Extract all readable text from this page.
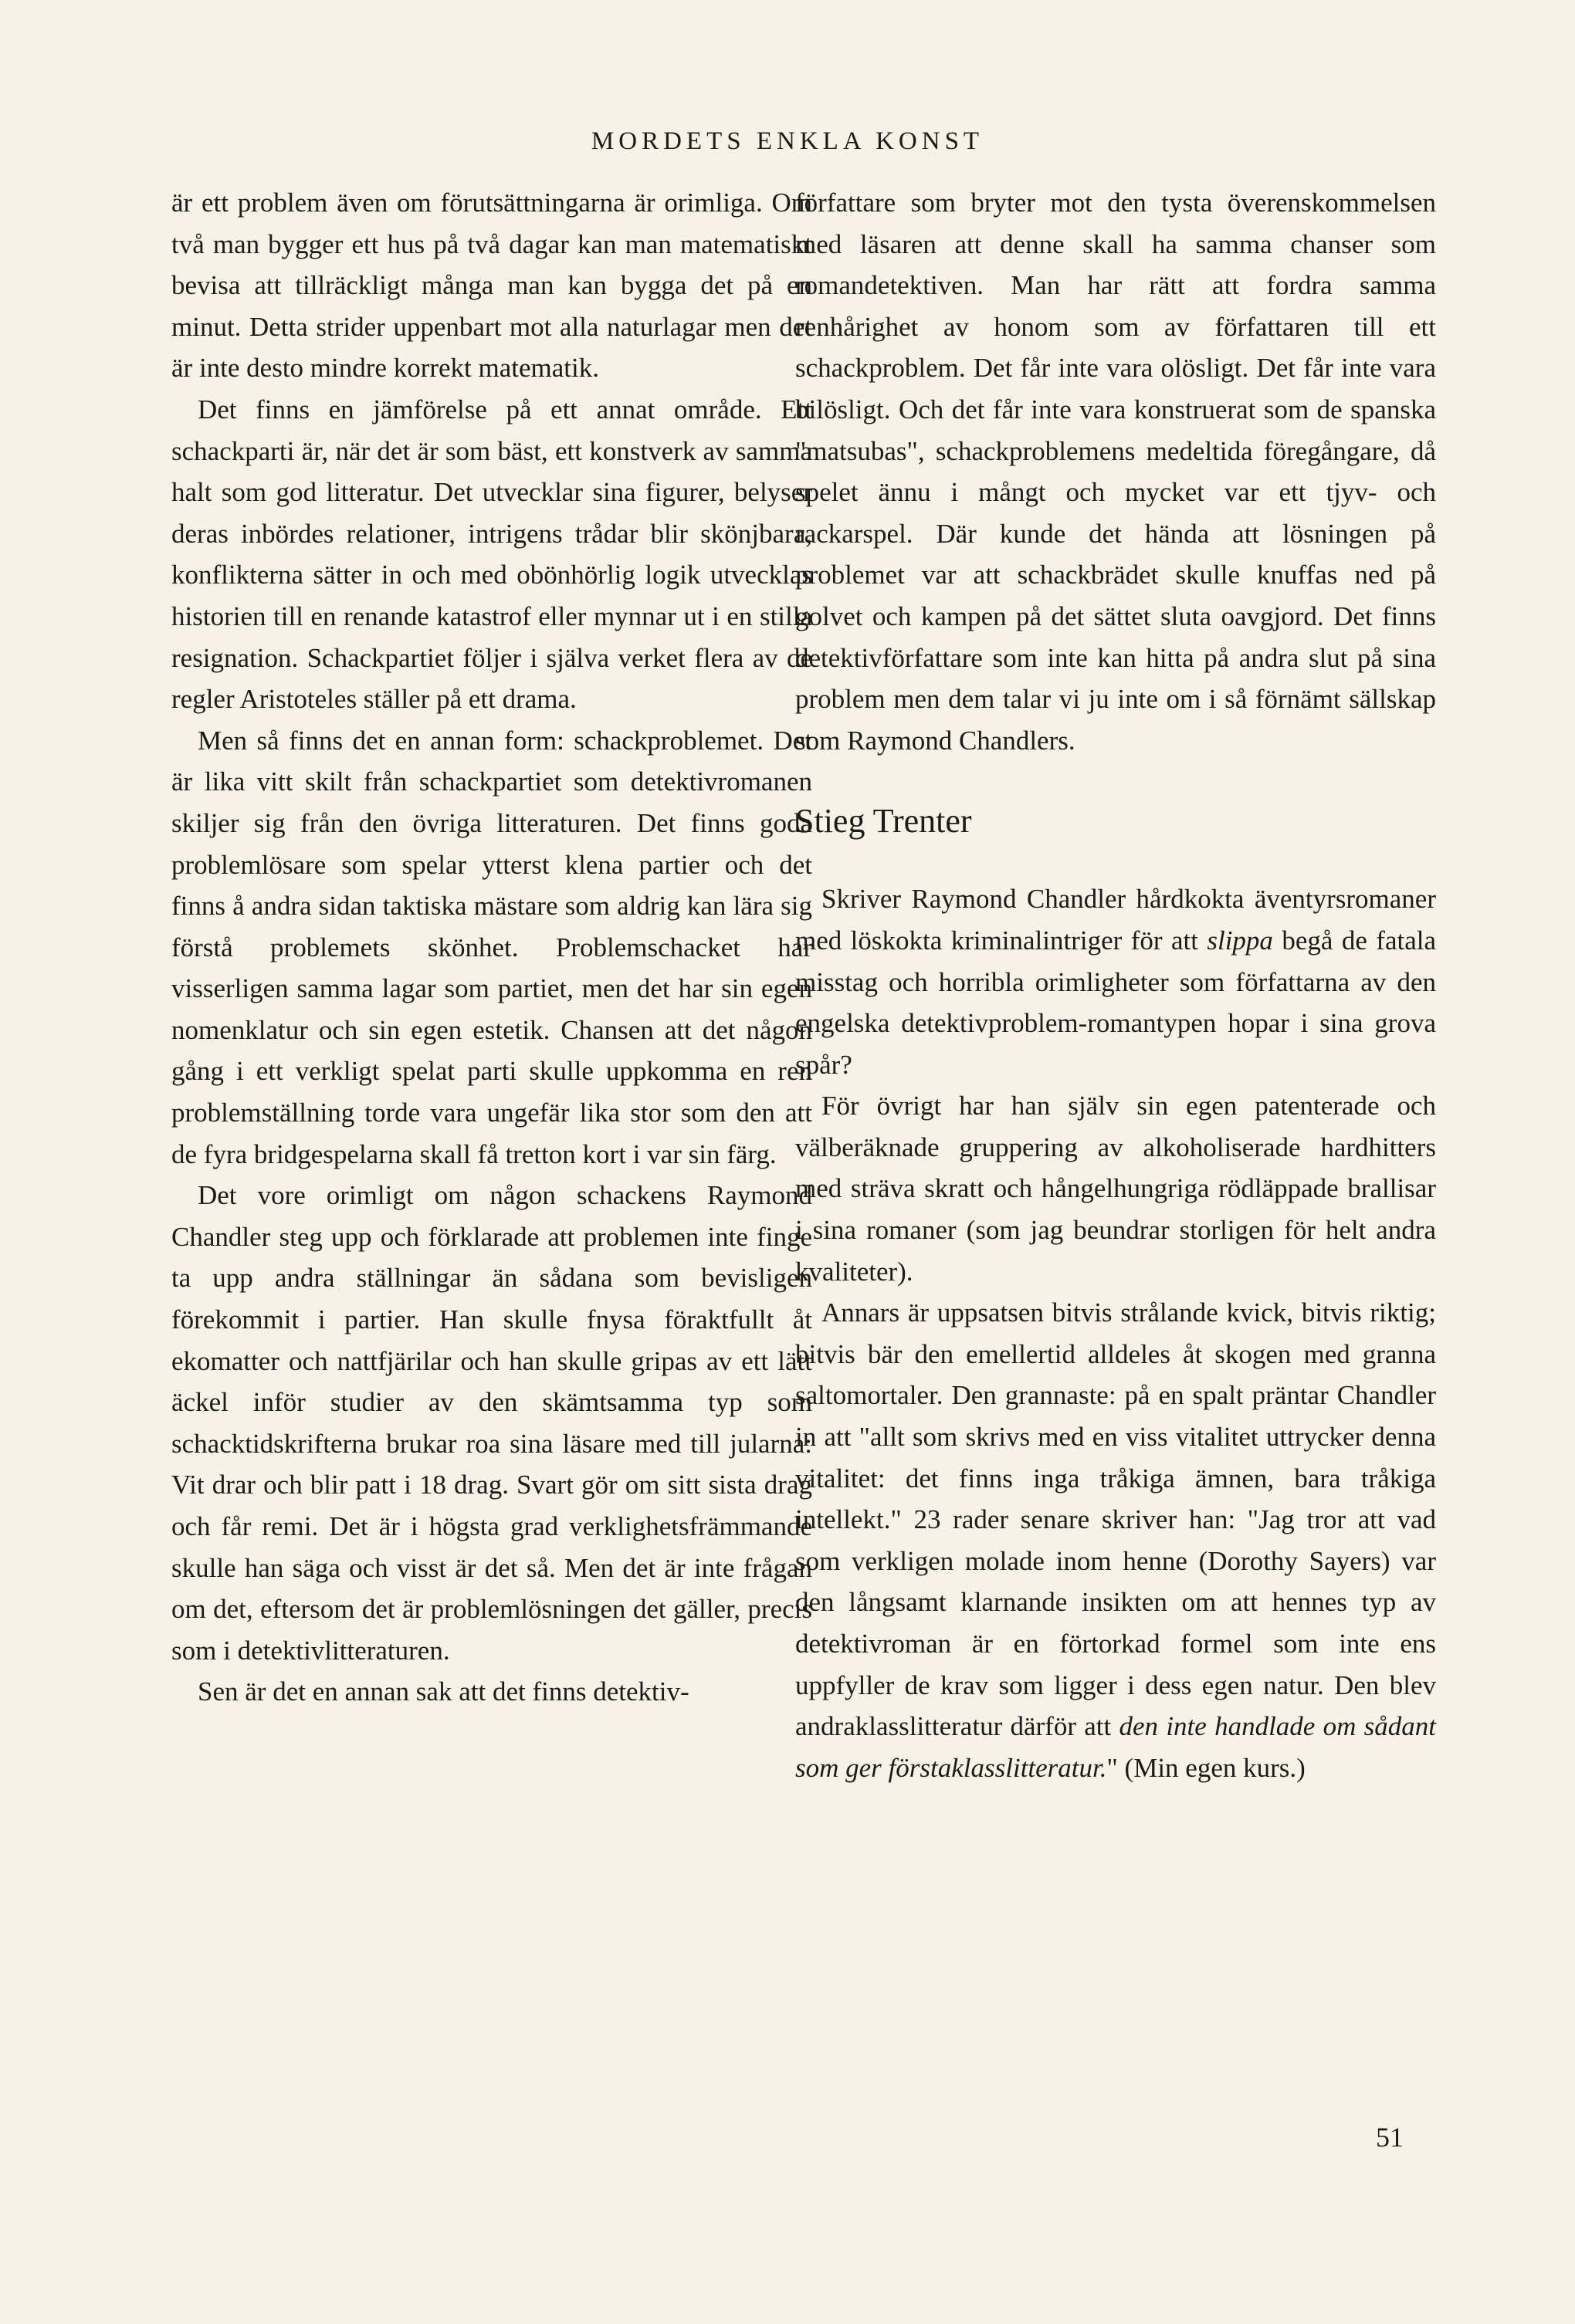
MORDETS ENKLA KONST

är ett problem även om förutsättningarna är orimliga. Om två man bygger ett hus på två dagar kan man matematiskt bevisa att tillräckligt många man kan bygga det på en minut. Detta strider uppenbart mot alla naturlagar men det är inte desto mindre korrekt matematik.

Det finns en jämförelse på ett annat område. Ett schackparti är, när det är som bäst, ett konstverk av samma halt som god litteratur. Det utvecklar sina figurer, belyser deras inbördes relationer, intrigens trådar blir skönjbara, konflikterna sätter in och med obönhörlig logik utvecklas historien till en renande katastrof eller mynnar ut i en stilla resignation. Schackpartiet följer i själva verket flera av de regler Aristoteles ställer på ett drama.

Men så finns det en annan form: schackproblemet. Det är lika vitt skilt från schackpartiet som detektivromanen skiljer sig från den övriga litteraturen. Det finns goda problemlösare som spelar ytterst klena partier och det finns å andra sidan taktiska mästare som aldrig kan lära sig förstå problemets skönhet. Problemschacket har visserligen samma lagar som partiet, men det har sin egen nomenklatur och sin egen estetik. Chansen att det någon gång i ett verkligt spelat parti skulle uppkomma en ren problemställning torde vara ungefär lika stor som den att de fyra bridgespelarna skall få tretton kort i var sin färg.

Det vore orimligt om någon schackens Raymond Chandler steg upp och förklarade att problemen inte finge ta upp andra ställningar än sådana som bevisligen förekommit i partier. Han skulle fnysa föraktfullt åt ekomatter och nattfjärilar och han skulle gripas av ett lätt äckel inför studier av den skämtsamma typ som schacktidskrifterna brukar roa sina läsare med till jularna: Vit drar och blir patt i 18 drag. Svart gör om sitt sista drag och får remi. Det är i högsta grad verklighetsfrämmande skulle han säga och visst är det så. Men det är inte frågan om det, eftersom det är problemlösningen det gäller, precis som i detektivlitteraturen.

Sen är det en annan sak att det finns detektiv-

författare som bryter mot den tysta överenskommelsen med läsaren att denne skall ha samma chanser som romandetektiven. Man har rätt att fordra samma renhårighet av honom som av författaren till ett schackproblem. Det får inte vara olösligt. Det får inte vara bilösligt. Och det får inte vara konstruerat som de spanska "matsubas", schackproblemens medeltida föregångare, då spelet ännu i mångt och mycket var ett tjyv- och rackarspel. Där kunde det hända att lösningen på problemet var att schackbrädet skulle knuffas ned på golvet och kampen på det sättet sluta oavgjord. Det finns detektivförfattare som inte kan hitta på andra slut på sina problem men dem talar vi ju inte om i så förnämt sällskap som Raymond Chandlers.

Stieg Trenter

Skriver Raymond Chandler hårdkokta äventyrsromaner med löskokta kriminalintriger för att slippa begå de fatala misstag och horribla orimligheter som författarna av den engelska detektivproblem-romantypen hopar i sina grova spår?

För övrigt har han själv sin egen patenterade och välberäknade gruppering av alkoholiserade hardhitters med sträva skratt och hångelhungriga rödläppade brallisar i sina romaner (som jag beundrar storligen för helt andra kvaliteter).

Annars är uppsatsen bitvis strålande kvick, bitvis riktig; bitvis bär den emellertid alldeles åt skogen med granna saltomortaler. Den grannaste: på en spalt präntar Chandler in att "allt som skrivs med en viss vitalitet uttrycker denna vitalitet: det finns inga tråkiga ämnen, bara tråkiga intellekt." 23 rader senare skriver han: "Jag tror att vad som verkligen molade inom henne (Dorothy Sayers) var den långsamt klarnande insikten om att hennes typ av detektivroman är en förtorkad formel som inte ens uppfyller de krav som ligger i dess egen natur. Den blev andraklasslitteratur därför att den inte handlade om sådant som ger förstaklasslitteratur." (Min egen kurs.)

51
